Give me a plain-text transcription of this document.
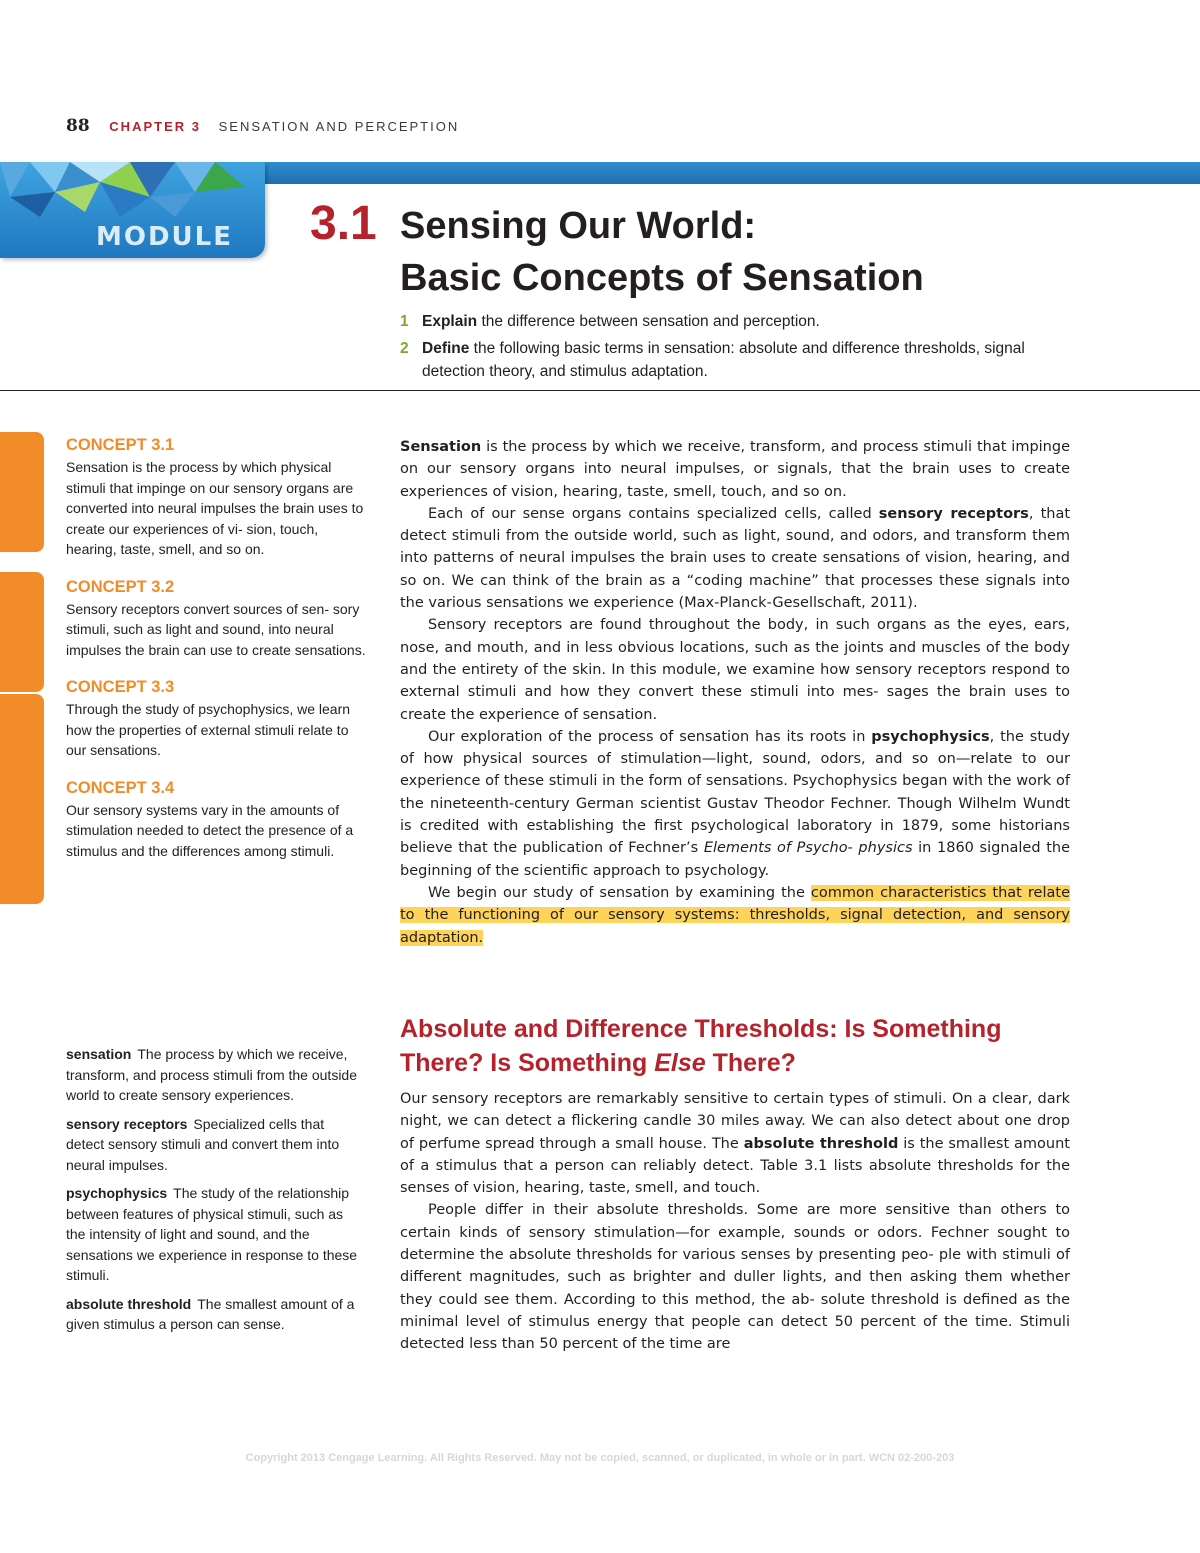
88 CHAPTER 3 SENSATION AND PERCEPTION
MODULE 3.1 Sensing Our World:
Basic Concepts of Sensation
1 Explain the difference between sensation and perception.
2 Define the following basic terms in sensation: absolute and difference thresholds, signal detection theory, and stimulus adaptation.
CONCEPT 3.1

Sensation is the process by which physical stimuli that impinge on our sensory organs are converted into neural impulses the brain uses to create our experiences of vi- sion, touch, hearing, taste, smell, and so on.

CONCEPT 3.2

Sensory receptors convert sources of sen- sory stimuli, such as light and sound, into neural impulses the brain can use to create sensations.

CONCEPT 3.3

Through the study of psychophysics, we learn how the properties of external stimuli relate to our sensations.

CONCEPT 3.4

Our sensory systems vary in the amounts of stimulation needed to detect the presence of a stimulus and the differences among stimuli.

Sensation is the process by which we receive, transform, and process stimuli that impinge on our sensory organs into neural impulses, or signals, that the brain uses to create experiences of vision, hearing, taste, smell, touch, and so on.

Each of our sense organs contains specialized cells, called sensory receptors, that detect stimuli from the outside world, such as light, sound, and odors, and transform them into patterns of neural impulses the brain uses to create sensations of vision, hearing, and so on. We can think of the brain as a “coding machine” that processes these signals into the various sensations we experience (Max-Planck-Gesellschaft, 2011).

Sensory receptors are found throughout the body, in such organs as the eyes, ears, nose, and mouth, and in less obvious locations, such as the joints and muscles of the body and the entirety of the skin. In this module, we examine how sensory receptors respond to external stimuli and how they convert these stimuli into mes- sages the brain uses to create the experience of sensation.

Our exploration of the process of sensation has its roots in psychophysics, the study of how physical sources of stimulation—light, sound, odors, and so on—relate to our experience of these stimuli in the form of sensations. Psychophysics began with the work of the nineteenth-century German scientist Gustav Theodor Fechner. Though Wilhelm Wundt is credited with establishing the first psychological laboratory in 1879, some historians believe that the publication of Fechner’s Elements of Psycho- physics in 1860 signaled the beginning of the scientific approach to psychology.

We begin our study of sensation by examining the common characteristics that relate to the functioning of our sensory systems: thresholds, signal detection, and sensory adaptation.

Absolute and Difference Thresholds: Is Something There? Is Something Else There?

Our sensory receptors are remarkably sensitive to certain types of stimuli. On a clear, dark night, we can detect a flickering candle 30 miles away. We can also detect about one drop of perfume spread through a small house. The absolute threshold is the smallest amount of a stimulus that a person can reliably detect. Table 3.1 lists absolute thresholds for the senses of vision, hearing, taste, smell, and touch.

People differ in their absolute thresholds. Some are more sensitive than others to certain kinds of sensory stimulation—for example, sounds or odors. Fechner sought to determine the absolute thresholds for various senses by presenting peo- ple with stimuli of different magnitudes, such as brighter and duller lights, and then asking them whether they could see them. According to this method, the ab- solute threshold is defined as the minimal level of stimulus energy that people can detect 50 percent of the time. Stimuli detected less than 50 percent of the time are

sensation The process by which we receive, transform, and process stimuli from the outside world to create sensory experiences.
sensory receptors Specialized cells that detect sensory stimuli and convert them into neural impulses.
psychophysics The study of the relationship between features of physical stimuli, such as the intensity of light and sound, and the sensations we experience in response to these stimuli.
absolute threshold The smallest amount of a given stimulus a person can sense.
Copyright 2013 Cengage Learning. All Rights Reserved. May not be copied, scanned, or duplicated, in whole or in part. WCN 02-200-203
